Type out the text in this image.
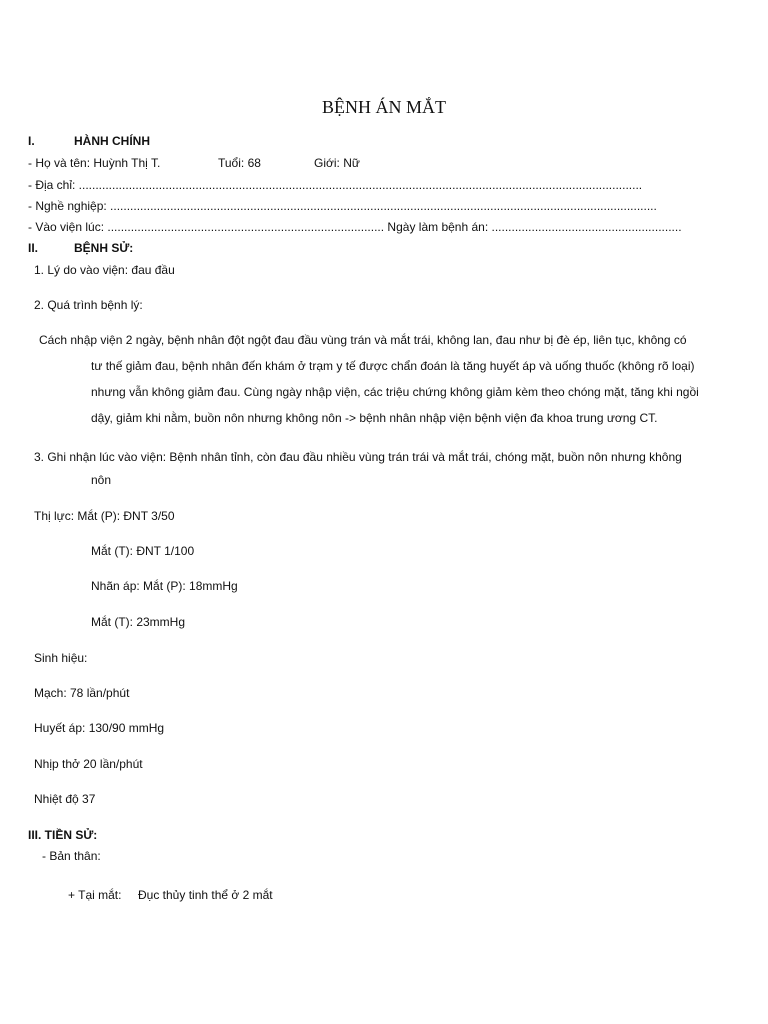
BỆNH ÁN MẮT
I.	HÀNH CHÍNH
- Họ và tên: Huỳnh Thị T.	Tuổi: 68	Giới: Nữ
- Địa chỉ: .........................................................................................................................................................................
- Nghề nghiệp: ....................................................................................................................................................................
- Vào viện lúc: ................................................................................... Ngày làm bệnh án: .........................................................
II.	BỆNH SỬ:
1. Lý do vào viện: đau đầu
2. Quá trình bệnh lý:
Cách nhập viện 2 ngày, bệnh nhân đột ngột đau đầu vùng trán và mắt trái, không lan, đau như bị đè ép, liên tục, không có
tư thế giảm đau, bệnh nhân đến khám ở trạm y tế được chẩn đoán là tăng huyết áp và uống thuốc (không rõ loại)
nhưng vẫn không giảm đau. Cùng ngày nhập viện, các triệu chứng không giảm kèm theo chóng mặt, tăng khi ngồi
dậy, giảm khi nằm, buồn nôn nhưng không nôn -> bệnh nhân nhập viện bệnh viện đa khoa trung ương CT.
3. Ghi nhận lúc vào viện: Bệnh nhân tỉnh, còn đau đầu nhiều vùng trán trái và mắt trái, chóng mặt, buồn nôn nhưng không
nôn
Thị lực: Mắt (P): ĐNT 3/50
Mắt (T): ĐNT 1/100
Nhãn áp: Mắt (P): 18mmHg
Mắt (T): 23mmHg
Sinh hiệu:
Mạch: 78 lần/phút
Huyết áp: 130/90 mmHg
Nhịp thở 20 lần/phút
Nhiệt độ 37
III. TIỀN SỬ:
- Bản thân:
+ Tại mắt: Đục thủy tinh thể ở 2 mắt
